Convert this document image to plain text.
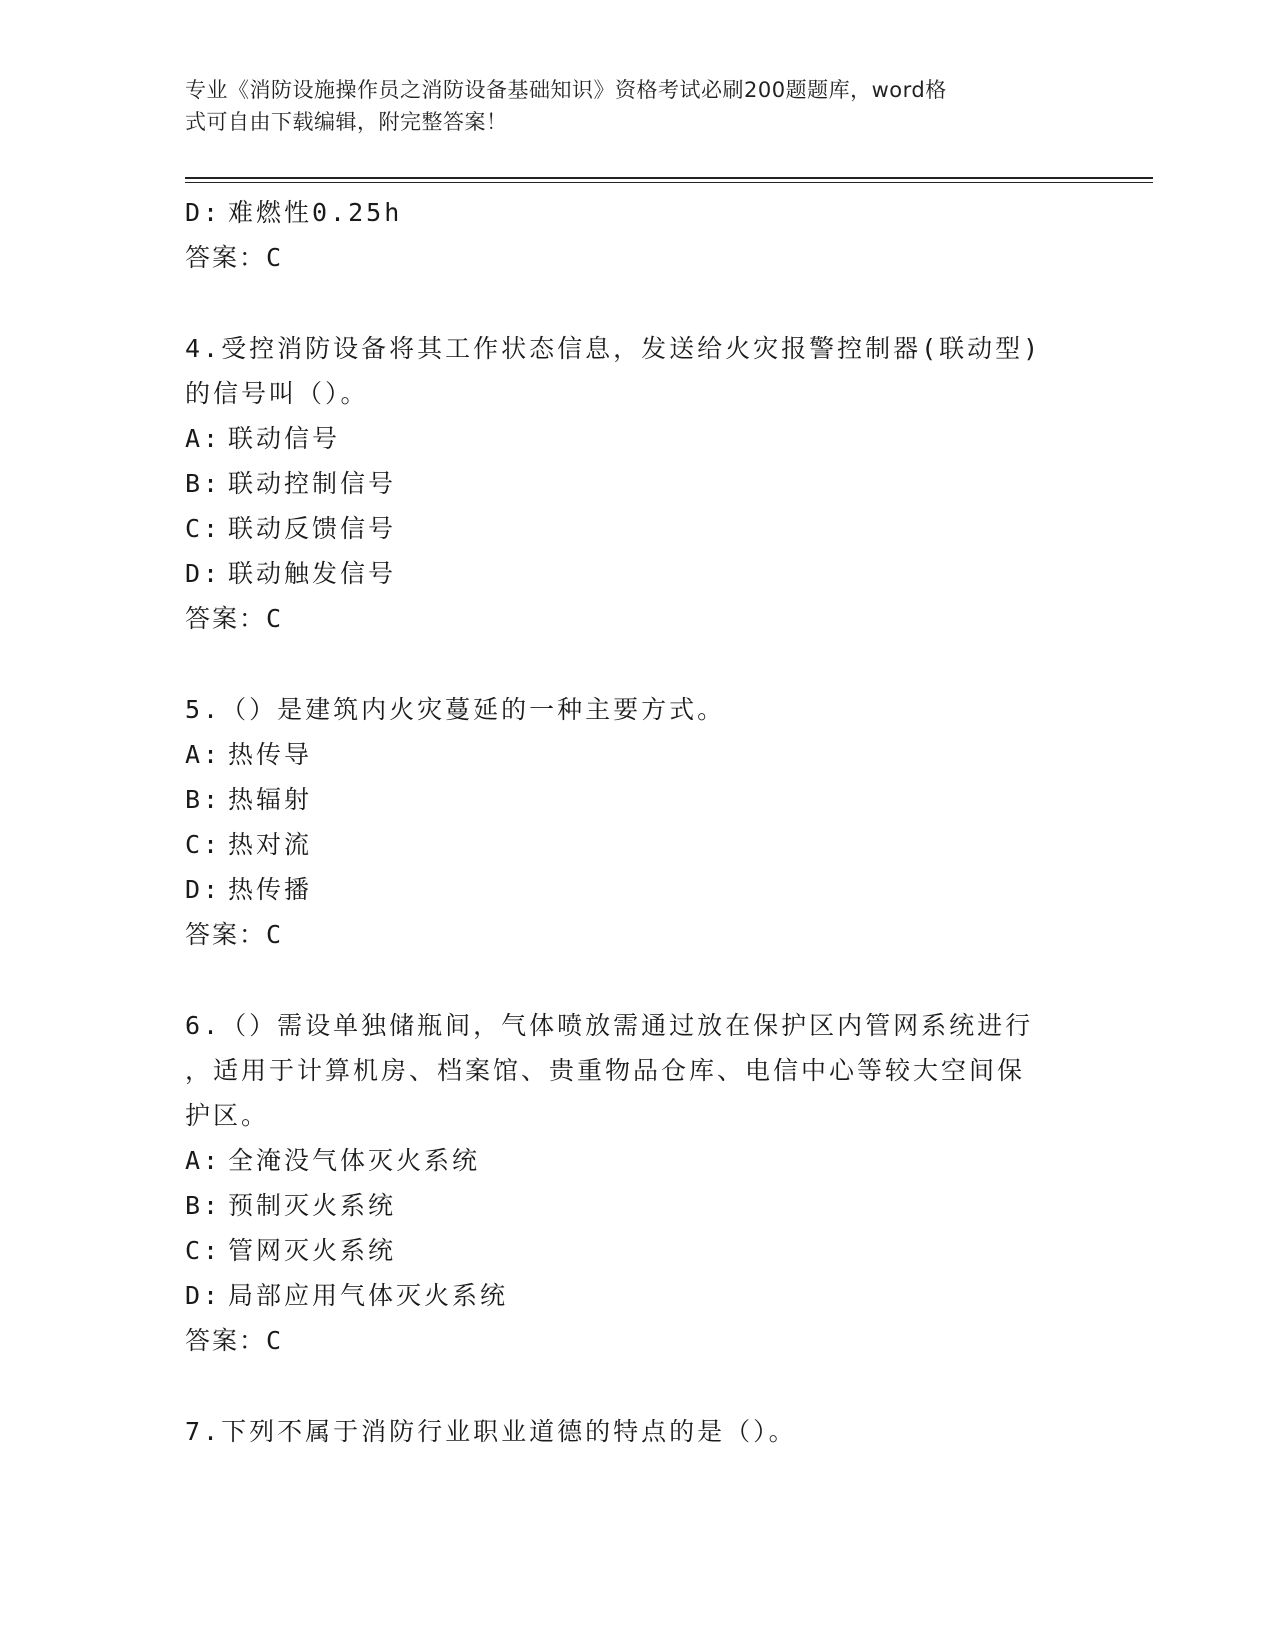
专业《消防设施操作员之消防设备基础知识》资格考试必刷200题题库，word格
式可自由下载编辑，附完整答案！
D: 难燃性0.25h
答案：C
4.受控消防设备将其工作状态信息，发送给火灾报警控制器(联动型)
的信号叫（）。
A: 联动信号
B: 联动控制信号
C: 联动反馈信号
D: 联动触发信号
答案：C
5.（）是建筑内火灾蔓延的一种主要方式。
A: 热传导
B: 热辐射
C: 热对流
D: 热传播
答案：C
6.（）需设单独储瓶间，气体喷放需通过放在保护区内管网系统进行
，适用于计算机房、档案馆、贵重物品仓库、电信中心等较大空间保
护区。
A: 全淹没气体灭火系统
B: 预制灭火系统
C: 管网灭火系统
D: 局部应用气体灭火系统
答案：C
7.下列不属于消防行业职业道德的特点的是（）。
